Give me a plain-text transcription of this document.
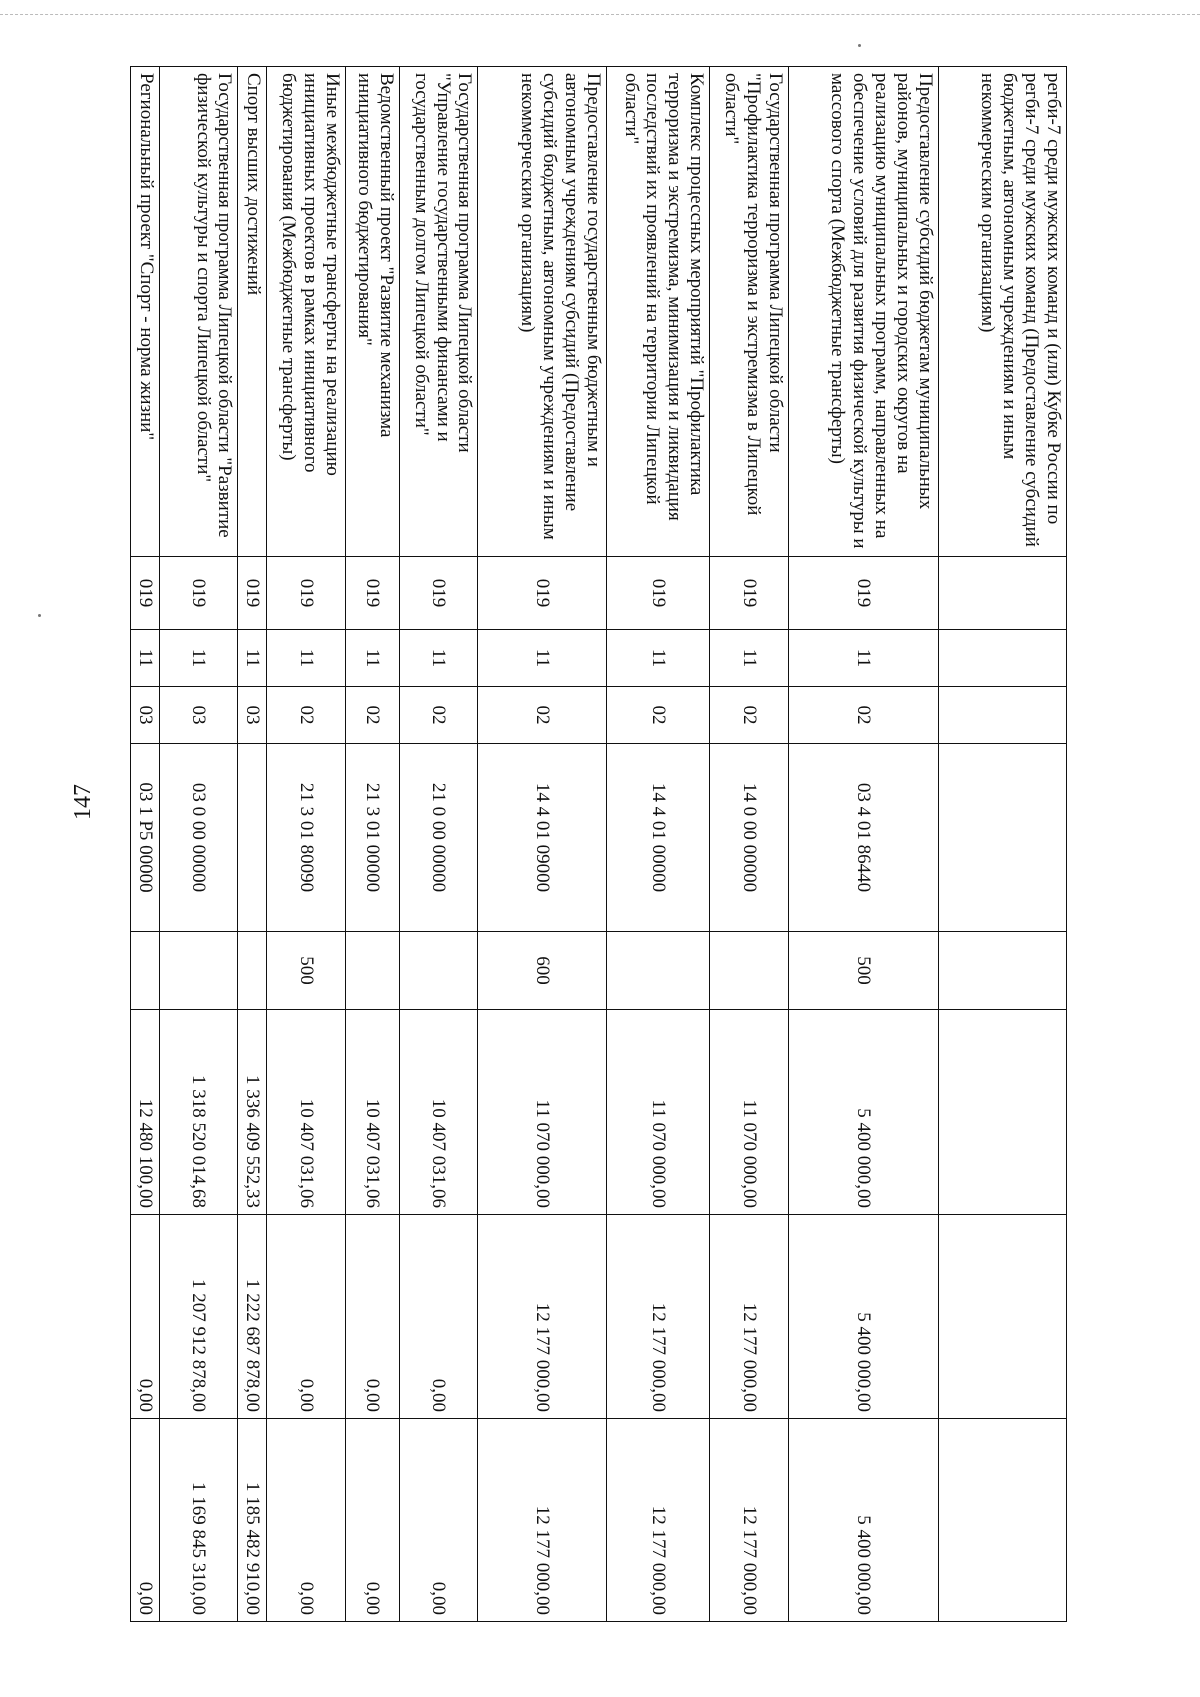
147
регби-7 среди мужских команд и (или) Кубке России по регби-7 среди мужских команд (Предоставление субсидий бюджетным, автономным учреждениям и иным некоммерческим организациям)								
Предоставление субсидий бюджетам муниципальных районов, муниципальных и городских округов на реализацию муниципальных программ, направленных на обеспечение условий для развития физической культуры и массового спорта (Межбюджетные трансферты)	019	11	02	03 4 01 86440	500	5 400 000,00	5 400 000,00	5 400 000,00
Государственная программа Липецкой области "Профилактика терроризма и экстремизма в Липецкой области"	019	11	02	14 0 00 00000		11 070 000,00	12 177 000,00	12 177 000,00
Комплекс процессных мероприятий "Профилактика терроризма и экстремизма, минимизация и ликвидация последствий их проявлений на территории Липецкой области"	019	11	02	14 4 01 00000		11 070 000,00	12 177 000,00	12 177 000,00
Предоставление государственным бюджетным и автономным учреждениям субсидий (Предоставление субсидий бюджетным, автономным учреждениям и иным некоммерческим организациям)	019	11	02	14 4 01 09000	600	11 070 000,00	12 177 000,00	12 177 000,00
Государственная программа Липецкой области "Управление государственными финансами и государственным долгом Липецкой области"	019	11	02	21 0 00 00000		10 407 031,06	0,00	0,00
Ведомственный проект "Развитие механизма инициативного бюджетирования"	019	11	02	21 3 01 00000		10 407 031,06	0,00	0,00
Иные межбюджетные трансферты на реализацию инициативных проектов в рамках инициативного бюджетирования (Межбюджетные трансферты)	019	11	02	21 3 01 80090	500	10 407 031,06	0,00	0,00
Спорт высших достижений	019	11	03			1 336 409 552,33	1 222 687 878,00	1 185 482 910,00
Государственная программа Липецкой области "Развитие физической культуры и спорта Липецкой области"	019	11	03	03 0 00 00000		1 318 520 014,68	1 207 912 878,00	1 169 845 310,00
Региональный проект "Спорт - норма жизни"	019	11	03	03 1 P5 00000		12 480 100,00	0,00	0,00
